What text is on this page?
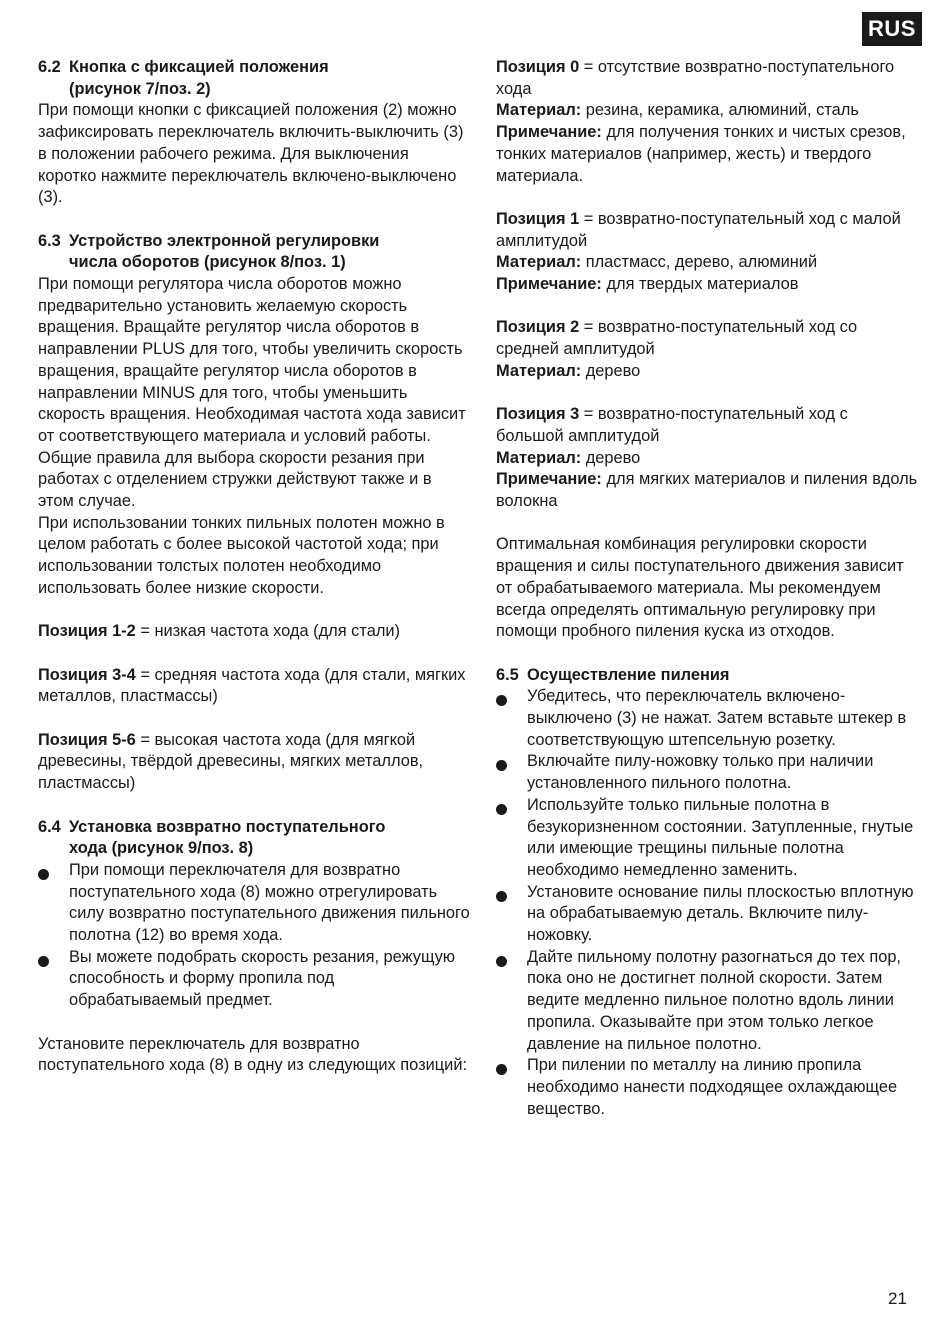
RUS
6.2 Кнопка с фиксацией положения
(рисунок 7/поз. 2)

При помощи кнопки с фиксацией положения (2) можно зафиксировать переключатель включить-выключить (3) в положении рабочего режима. Для выключения коротко нажмите переключатель включено-выключено (3).

6.3 Устройство электронной регулировки
числа оборотов (рисунок 8/поз. 1)

При помощи регулятора числа оборотов можно предварительно установить желаемую скорость вращения. Вращайте регулятор числа оборотов в направлении PLUS для того, чтобы увеличить скорость вращения, вращайте регулятор числа оборотов в направлении MINUS для того, чтобы уменьшить скорость вращения. Необходимая частота хода зависит от соответствующего материала и условий работы.

Общие правила для выбора скорости резания при работах с отделением стружки действуют также и в этом случае.

При использовании тонких пильных полотен можно в целом работать с более высокой частотой хода; при использовании толстых полотен необходимо использовать более низкие скорости.

Позиция 1-2 = низкая частота хода (для стали)

Позиция 3-4 = средняя частота хода (для стали, мягких металлов, пластмассы)

Позиция 5-6 = высокая частота хода (для мягкой древесины, твёрдой древесины, мягких металлов, пластмассы)

6.4 Установка возвратно поступательного
хода (рисунок 9/поз. 8)
При помощи переключателя для возвратно поступательного хода (8) можно отрегулировать силу возвратно поступательного движения пильного полотна (12) во время хода.
Вы можете подобрать скорость резания, режущую способность и форму пропила под обрабатываемый предмет.

Установите переключатель для возвратно поступательного хода (8) в одну из следующих позиций:

Позиция 0 = отсутствие возвратно-поступательного хода

Материал: резина, керамика, алюминий, сталь

Примечание: для получения тонких и чистых срезов, тонких материалов (например, жесть) и твердого материала.

Позиция 1 = возвратно-поступательный ход с малой амплитудой

Материал: пластмасс, дерево, алюминий

Примечание: для твердых материалов

Позиция 2 = возвратно-поступательный ход со средней амплитудой

Материал: дерево

Позиция 3 = возвратно-поступательный ход с большой амплитудой

Материал: дерево

Примечание: для мягких материалов и пиления вдоль волокна

Оптимальная комбинация регулировки скорости вращения и силы поступательного движения зависит от обрабатываемого материала. Мы рекомендуем всегда определять оптимальную регулировку при помощи пробного пиления куска из отходов.

6.5 Осуществление пиления
Убедитесь, что переключатель включено-выключено (3) не нажат. Затем вставьте штекер в соответствующую штепсельную розетку.
Включайте пилу-ножовку только при наличии установленного пильного полотна.
Используйте только пильные полотна в безукоризненном состоянии. Затупленные, гнутые или имеющие трещины пильные полотна необходимо немедленно заменить.
Установите основание пилы плоскостью вплотную на обрабатываемую деталь. Включите пилу-ножовку.
Дайте пильному полотну разогнаться до тех пор, пока оно не достигнет полной скорости. Затем ведите медленно пильное полотно вдоль линии пропила. Оказывайте при этом только легкое давление на пильное полотно.
При пилении по металлу на линию пропила необходимо нанести подходящее охлаждающее вещество.
21
